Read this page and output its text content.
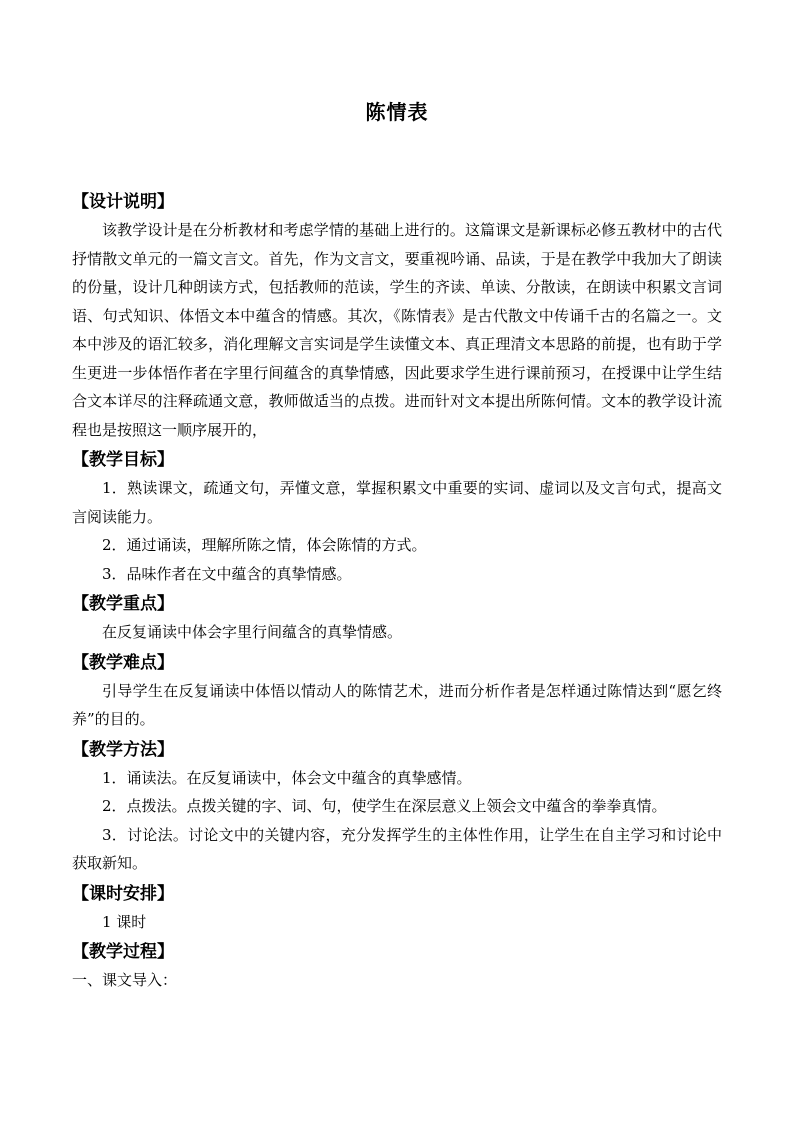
陈情表

【设计说明】

该教学设计是在分析教材和考虑学情的基础上进行的。这篇课文是新课标必修五教材中的古代抒情散文单元的一篇文言文。首先，作为文言文，要重视吟诵、品读，于是在教学中我加大了朗读的份量，设计几种朗读方式，包括教师的范读，学生的齐读、单读、分散读，在朗读中积累文言词语、句式知识、体悟文本中蕴含的情感。其次，《陈情表》是古代散文中传诵千古的名篇之一。文本中涉及的语汇较多，消化理解文言实词是学生读懂文本、真正理清文本思路的前提，也有助于学生更进一步体悟作者在字里行间蕴含的真挚情感，因此要求学生进行课前预习，在授课中让学生结合文本详尽的注释疏通文意，教师做适当的点拨。进而针对文本提出所陈何情。文本的教学设计流程也是按照这一顺序展开的，

【教学目标】

1．熟读课文，疏通文句，弄懂文意，掌握积累文中重要的实词、虚词以及文言句式，提高文言阅读能力。

2．通过诵读，理解所陈之情，体会陈情的方式。

3．品味作者在文中蕴含的真挚情感。

【教学重点】

在反复诵读中体会字里行间蕴含的真挚情感。

【教学难点】

引导学生在反复诵读中体悟以情动人的陈情艺术，进而分析作者是怎样通过陈情达到“愿乞终养”的目的。

【教学方法】

1．诵读法。在反复诵读中，体会文中蕴含的真挚感情。

2．点拨法。点拨关键的字、词、句，使学生在深层意义上领会文中蕴含的拳拳真情。

3．讨论法。讨论文中的关键内容，充分发挥学生的主体性作用，让学生在自主学习和讨论中获取新知。

【课时安排】

1 课时

【教学过程】

一、课文导入：
